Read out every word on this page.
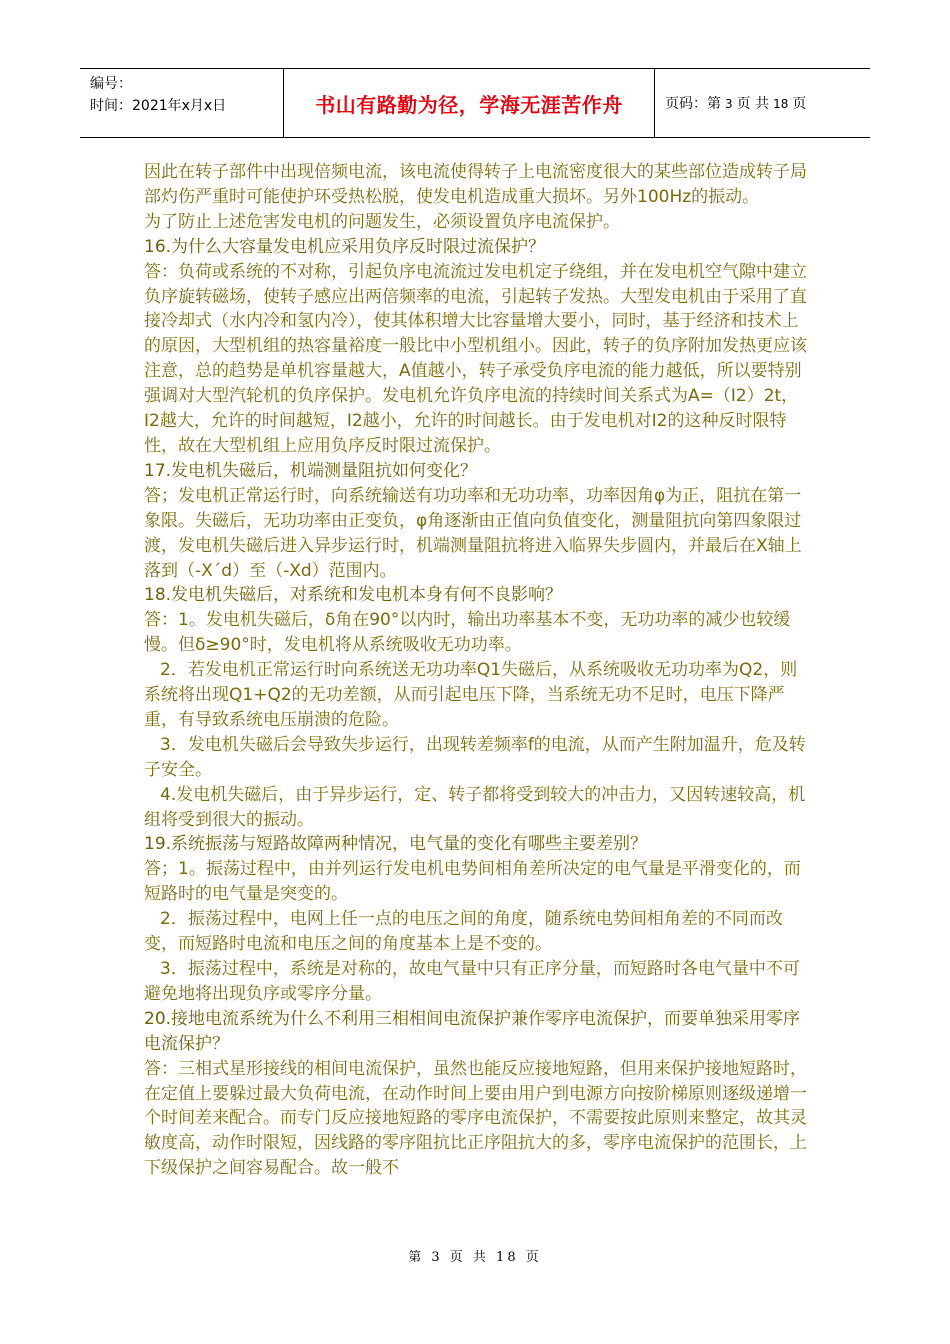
编号：
时间：2021年x月x日	书山有路勤为径，学海无涯苦作舟	页码：第 3 页 共 18 页

因此在转子部件中出现倍频电流，该电流使得转子上电流密度很大的某些部位造成转子局部灼伤严重时可能使护环受热松脱，使发电机造成重大损坏。另外100Hz的振动。

为了防止上述危害发电机的问题发生，必须设置负序电流保护。

16.为什么大容量发电机应采用负序反时限过流保护？

答：负荷或系统的不对称，引起负序电流流过发电机定子绕组，并在发电机空气隙中建立负序旋转磁场，使转子感应出两倍频率的电流，引起转子发热。大型发电机由于采用了直接冷却式（水内冷和氢内冷），使其体积增大比容量增大要小，同时，基于经济和技术上的原因，大型机组的热容量裕度一般比中小型机组小。因此，转子的负序附加发热更应该注意，总的趋势是单机容量越大，A值越小，转子承受负序电流的能力越低，所以要特别强调对大型汽轮机的负序保护。发电机允许负序电流的持续时间关系式为A=（I2）2t，I2越大，允许的时间越短，I2越小，允许的时间越长。由于发电机对I2的这种反时限特性，故在大型机组上应用负序反时限过流保护。

17.发电机失磁后，机端测量阻抗如何变化？

答；发电机正常运行时，向系统输送有功功率和无功功率，功率因角φ为正，阻抗在第一象限。失磁后，无功功率由正变负，φ角逐渐由正值向负值变化，测量阻抗向第四象限过渡，发电机失磁后进入异步运行时，机端测量阻抗将进入临界失步圆内，并最后在X轴上落到（-X´d）至（-Xd）范围内。

18.发电机失磁后，对系统和发电机本身有何不良影响？

答：1。发电机失磁后，δ角在90°以内时，输出功率基本不变，无功功率的减少也较缓慢。但δ≥90°时，发电机将从系统吸收无功功率。

2．若发电机正常运行时向系统送无功功率Q1失磁后，从系统吸收无功功率为Q2，则系统将出现Q1+Q2的无功差额，从而引起电压下降，当系统无功不足时，电压下降严重，有导致系统电压崩溃的危险。

3．发电机失磁后会导致失步运行，出现转差频率f的电流，从而产生附加温升，危及转子安全。

4.发电机失磁后，由于异步运行，定、转子都将受到较大的冲击力，又因转速较高，机组将受到很大的振动。

19.系统振荡与短路故障两种情况，电气量的变化有哪些主要差别？

答；1。振荡过程中，由并列运行发电机电势间相角差所决定的电气量是平滑变化的，而短路时的电气量是突变的。

2．振荡过程中，电网上任一点的电压之间的角度，随系统电势间相角差的不同而改变，而短路时电流和电压之间的角度基本上是不变的。

3．振荡过程中，系统是对称的，故电气量中只有正序分量，而短路时各电气量中不可避免地将出现负序或零序分量。

20.接地电流系统为什么不利用三相相间电流保护兼作零序电流保护，而要单独采用零序电流保护？

答：三相式星形接线的相间电流保护，虽然也能反应接地短路，但用来保护接地短路时，在定值上要躲过最大负荷电流，在动作时间上要由用户到电源方向按阶梯原则逐级递增一个时间差来配合。而专门反应接地短路的零序电流保护，不需要按此原则来整定，故其灵敏度高，动作时限短，因线路的零序阻抗比正序阻抗大的多，零序电流保护的范围长，上下级保护之间容易配合。故一般不

第 3 页 共 18 页
